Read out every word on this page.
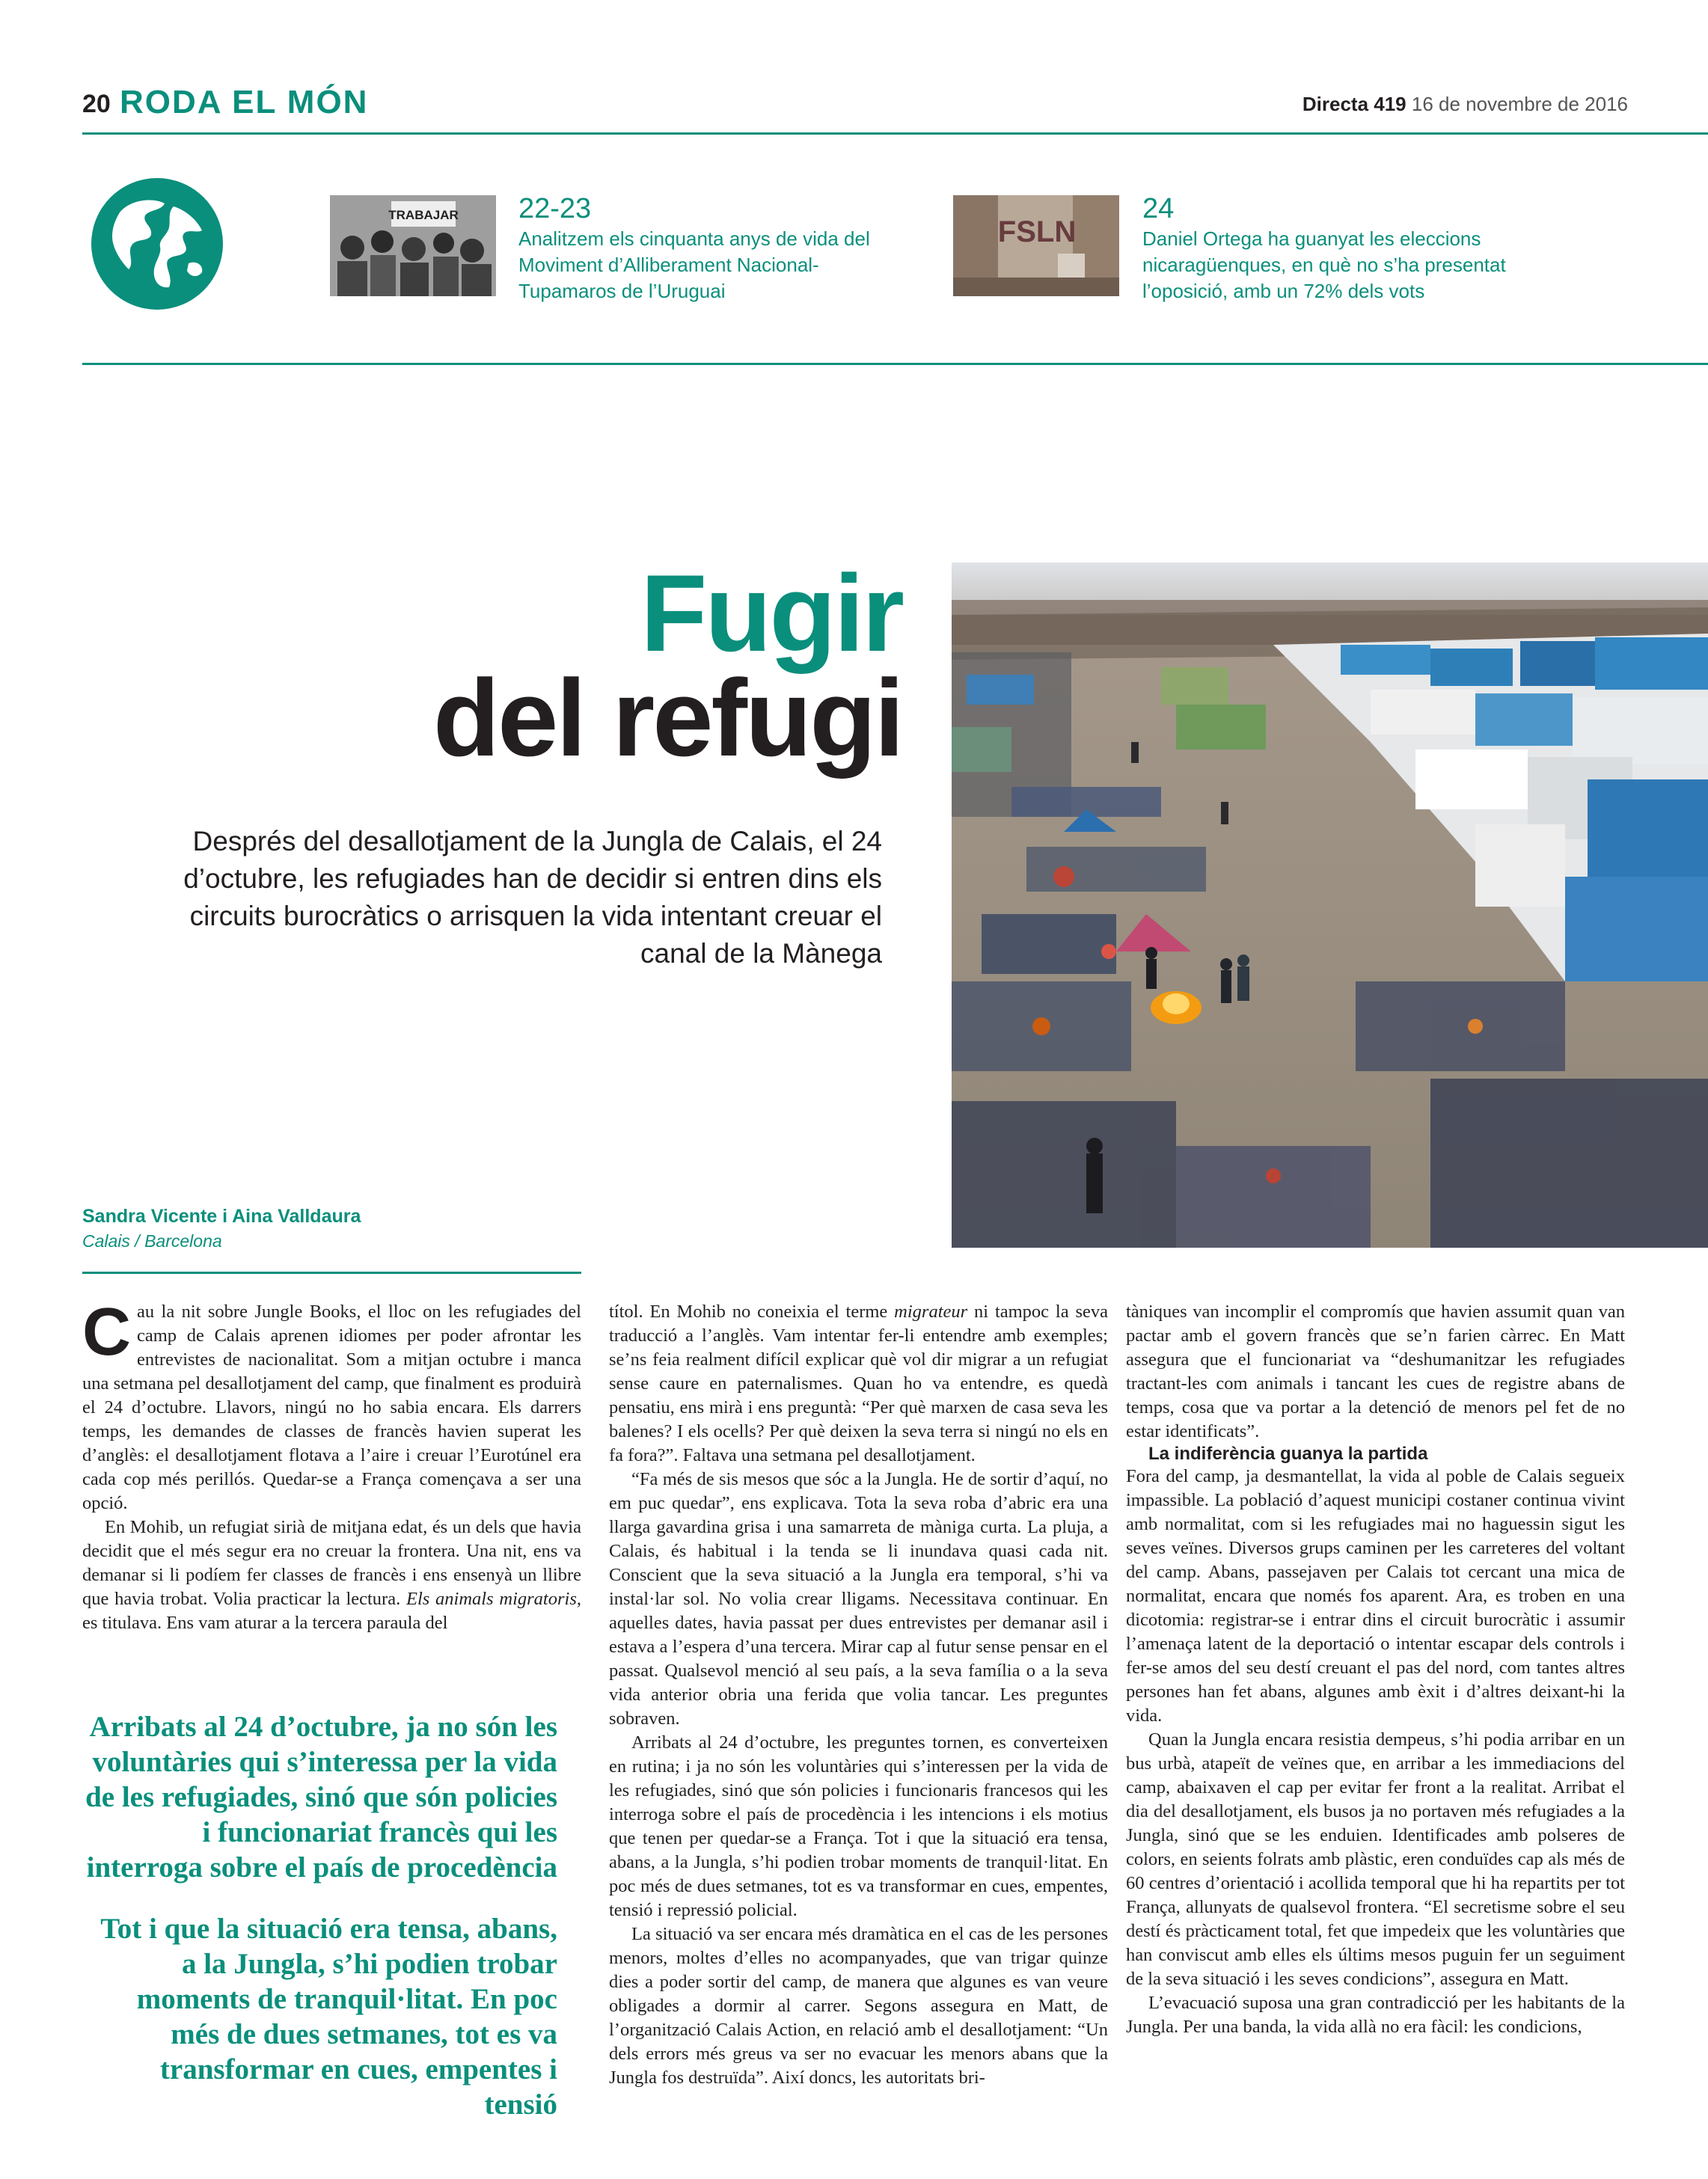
20 RODA EL MÓN	Directa 419 16 de novembre de 2016
TRABAJAR 22-23
Analitzem els cinquanta anys de vida del Moviment d’Alliberament Nacional-Tupamaros de l’Uruguai
FSLN
24
Daniel Ortega ha guanyat les eleccions nicaragüenques, en què no s’ha presentat l’oposició, amb un 72% dels vots
Fugir
del refugi
Després del desallotjament de la Jungla de Calais, el 24 d’octubre, les refugiades han de decidir si entren dins els circuits burocràtics o arrisquen la vida intentant creuar el canal de la Mànega
Sandra Vicente i Aina Valldaura
Calais / Barcelona

Cau la nit sobre Jungle Books, el lloc on les refugiades del camp de Calais aprenen idiomes per poder afrontar les entrevistes de nacionalitat. Som a mitjan octubre i manca una setmana pel desallotjament del camp, que finalment es produirà el 24 d’octubre. Llavors, ningú no ho sabia encara. Els darrers temps, les demandes de classes de francès havien superat les d’anglès: el desallotjament flotava a l’aire i creuar l’Eurotúnel era cada cop més perillós. Quedar-se a França començava a ser una opció.

En Mohib, un refugiat sirià de mitjana edat, és un dels que havia decidit que el més segur era no creuar la frontera. Una nit, ens va demanar si li podíem fer classes de francès i ens ensenyà un llibre que havia trobat. Volia practicar la lectura. Els animals migratoris, es titulava. Ens vam aturar a la tercera paraula del

Arribats al 24 d’octubre, ja no són les voluntàries qui s’interessa per la vida de les refugiades, sinó que són policies i funcionariat francès qui les interroga sobre el país de procedència
Tot i que la situació era tensa, abans, a la Jungla, s’hi podien trobar moments de tranquil·litat. En poc més de dues setmanes, tot es va transformar en cues, empentes i tensió

títol. En Mohib no coneixia el terme migrateur ni tampoc la seva traducció a l’anglès. Vam intentar fer-li entendre amb exemples; se’ns feia realment difícil explicar què vol dir migrar a un refugiat sense caure en paternalismes. Quan ho va entendre, es quedà pensatiu, ens mirà i ens preguntà: “Per què marxen de casa seva les balenes? I els ocells? Per què deixen la seva terra si ningú no els en fa fora?”. Faltava una setmana pel desallotjament.

“Fa més de sis mesos que sóc a la Jungla. He de sortir d’aquí, no em puc quedar”, ens explicava. Tota la seva roba d’abric era una llarga gavardina grisa i una samarreta de màniga curta. La pluja, a Calais, és habitual i la tenda se li inundava quasi cada nit. Conscient que la seva situació a la Jungla era temporal, s’hi va instal·lar sol. No volia crear lligams. Necessitava continuar. En aquelles dates, havia passat per dues entrevistes per demanar asil i estava a l’espera d’una tercera. Mirar cap al futur sense pensar en el passat. Qualsevol menció al seu país, a la seva família o a la seva vida anterior obria una ferida que volia tancar. Les preguntes sobraven.

Arribats al 24 d’octubre, les preguntes tornen, es converteixen en rutina; i ja no són les voluntàries qui s’interessen per la vida de les refugiades, sinó que són policies i funcionaris francesos qui les interroga sobre el país de procedència i les intencions i els motius que tenen per quedar-se a França. Tot i que la situació era tensa, abans, a la Jungla, s’hi podien trobar moments de tranquil·litat. En poc més de dues setmanes, tot es va transformar en cues, empentes, tensió i repressió policial.

La situació va ser encara més dramàtica en el cas de les persones menors, moltes d’elles no acompanyades, que van trigar quinze dies a poder sortir del camp, de manera que algunes es van veure obligades a dormir al carrer. Segons assegura en Matt, de l’organització Calais Action, en relació amb el desallotjament: “Un dels errors més greus va ser no evacuar les menors abans que la Jungla fos destruïda”. Així doncs, les autoritats bri-

tàniques van incomplir el compromís que havien assumit quan van pactar amb el govern francès que se’n farien càrrec. En Matt assegura que el funcionariat va “deshumanitzar les refugiades tractant-les com animals i tancant les cues de registre abans de temps, cosa que va portar a la detenció de menors pel fet de no estar identificats”.

La indiferència guanya la partida

Fora del camp, ja desmantellat, la vida al poble de Calais segueix impassible. La població d’aquest municipi costaner continua vivint amb normalitat, com si les refugiades mai no haguessin sigut les seves veïnes. Diversos grups caminen per les carreteres del voltant del camp. Abans, passejaven per Calais tot cercant una mica de normalitat, encara que només fos aparent. Ara, es troben en una dicotomia: registrar-se i entrar dins el circuit burocràtic i assumir l’amenaça latent de la deportació o intentar escapar dels controls i fer-se amos del seu destí creuant el pas del nord, com tantes altres persones han fet abans, algunes amb èxit i d’altres deixant-hi la vida.

Quan la Jungla encara resistia dempeus, s’hi podia arribar en un bus urbà, atapeït de veïnes que, en arribar a les immediacions del camp, abaixaven el cap per evitar fer front a la realitat. Arribat el dia del desallotjament, els busos ja no portaven més refugiades a la Jungla, sinó que se les enduien. Identificades amb polseres de colors, en seients folrats amb plàstic, eren conduïdes cap als més de 60 centres d’orientació i acollida temporal que hi ha repartits per tot França, allunyats de qualsevol frontera. “El secretisme sobre el seu destí és pràcticament total, fet que impedeix que les voluntàries que han conviscut amb elles els últims mesos puguin fer un seguiment de la seva situació i les seves condicions”, assegura en Matt.

L’evacuació suposa una gran contradicció per les habitants de la Jungla. Per una banda, la vida allà no era fàcil: les condicions,
